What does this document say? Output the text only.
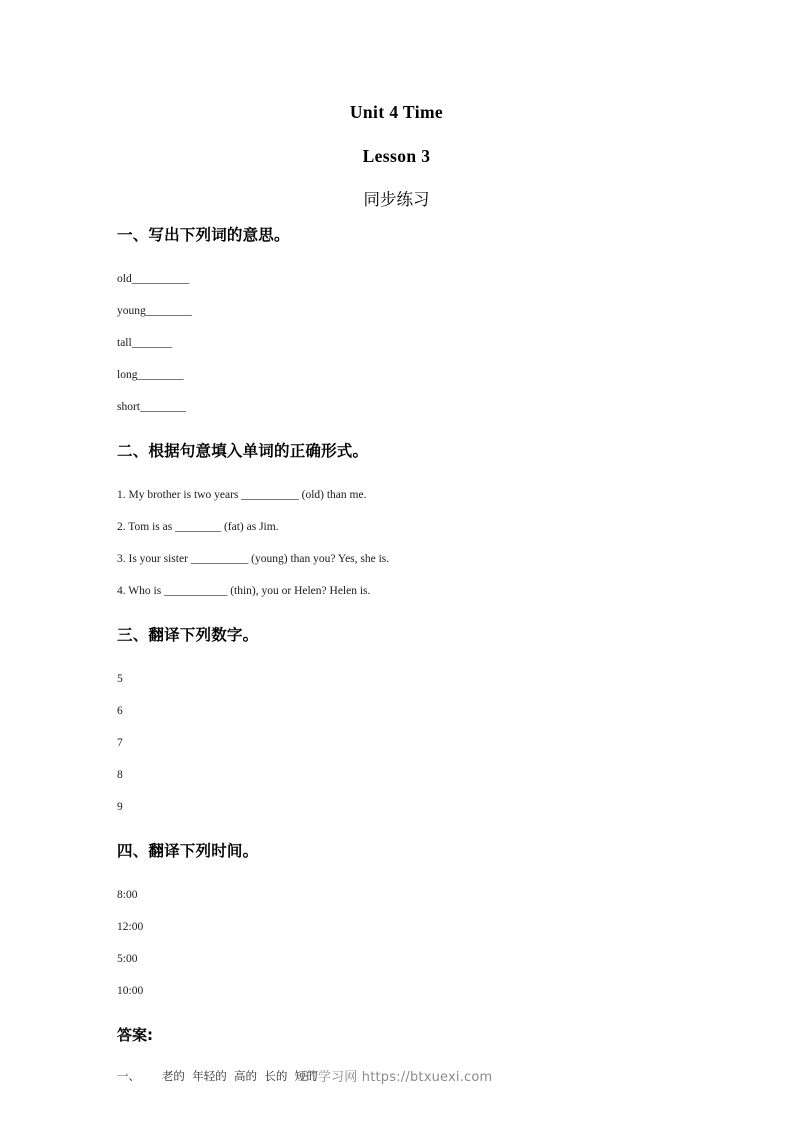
Unit 4 Time
Lesson 3
同步练习
一、写出下列词的意思。
old__________
young________
tall_______
long________
short________
二、根据句意填入单词的正确形式。
1. My brother is two years __________ (old) than me.
2. Tom is as ________ (fat) as Jim.
3. Is your sister __________ (young) than you? Yes, she is.
4. Who is ___________ (thin), you or Helen? Helen is.
三、翻译下列数字。
5
6
7
8
9
四、翻译下列时间。
8:00
12:00
5:00
10:00
答案:
一、      老的  年轻的  高的  长的  短的
BT学习网 https://btxuexi.com
